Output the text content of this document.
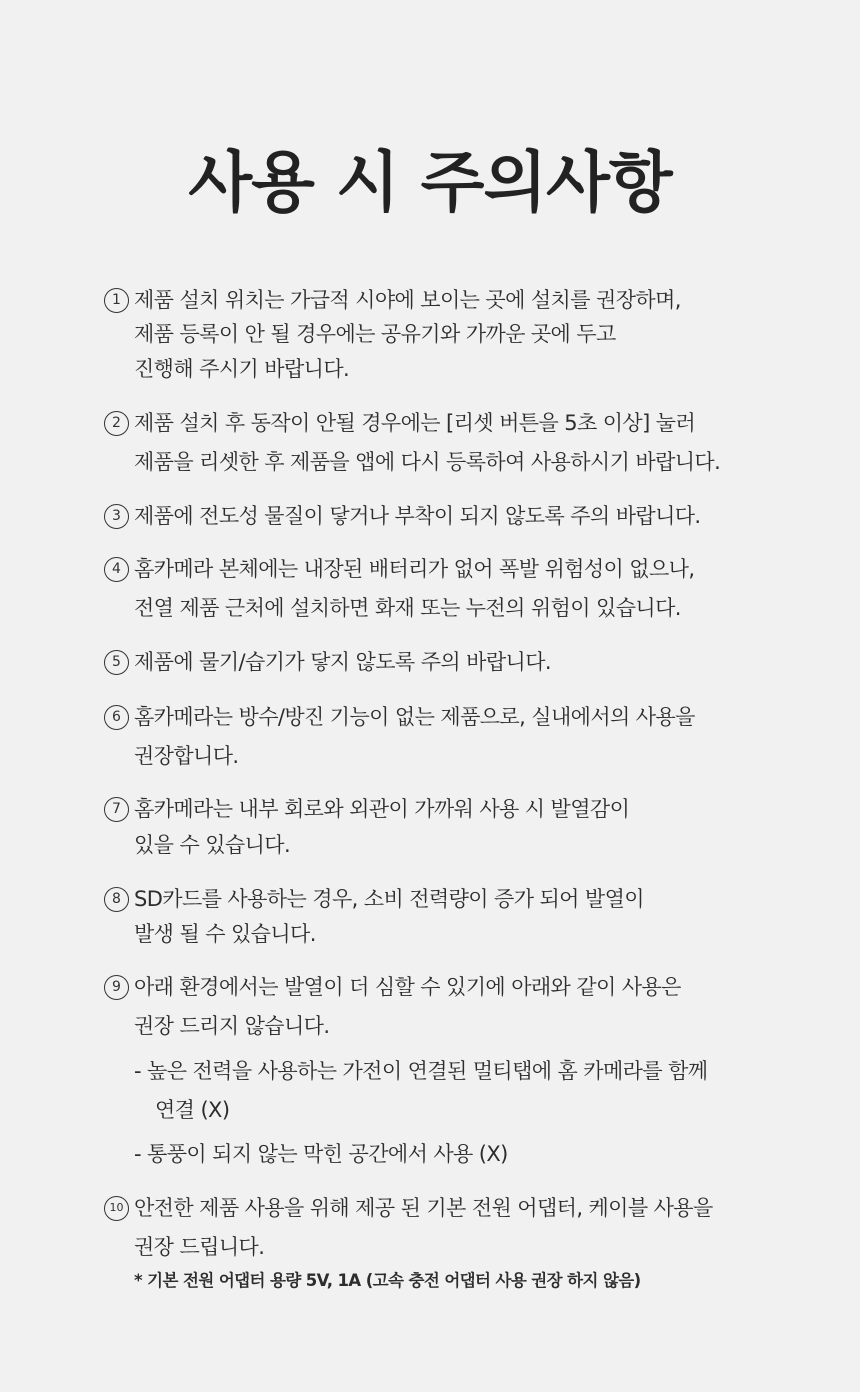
사용 시 주의사항
1 제품 설치 위치는 가급적 시야에 보이는 곳에 설치를 권장하며,
제품 등록이 안 될 경우에는 공유기와 가까운 곳에 두고
진행해 주시기 바랍니다.
2 제품 설치 후 동작이 안될 경우에는 [리셋 버튼을 5초 이상] 눌러
제품을 리셋한 후 제품을 앱에 다시 등록하여 사용하시기 바랍니다.
3 제품에 전도성 물질이 닿거나 부착이 되지 않도록 주의 바랍니다.
4 홈카메라 본체에는 내장된 배터리가 없어 폭발 위험성이 없으나,
전열 제품 근처에 설치하면 화재 또는 누전의 위험이 있습니다.
5 제품에 물기/습기가 닿지 않도록 주의 바랍니다.
6 홈카메라는 방수/방진 기능이 없는 제품으로, 실내에서의 사용을
권장합니다.
7 홈카메라는 내부 회로와 외관이 가까워 사용 시 발열감이
있을 수 있습니다.
8 SD카드를 사용하는 경우, 소비 전력량이 증가 되어 발열이
발생 될 수 있습니다.
9 아래 환경에서는 발열이 더 심할 수 있기에 아래와 같이 사용은
권장 드리지 않습니다.
- 높은 전력을 사용하는 가전이 연결된 멀티탭에 홈 카메라를 함께
연결 (X)
- 통풍이 되지 않는 막힌 공간에서 사용 (X)
10 안전한 제품 사용을 위해 제공 된 기본 전원 어댑터, 케이블 사용을
권장 드립니다.
* 기본 전원 어댑터 용량 5V, 1A (고속 충전 어댑터 사용 권장 하지 않음)
